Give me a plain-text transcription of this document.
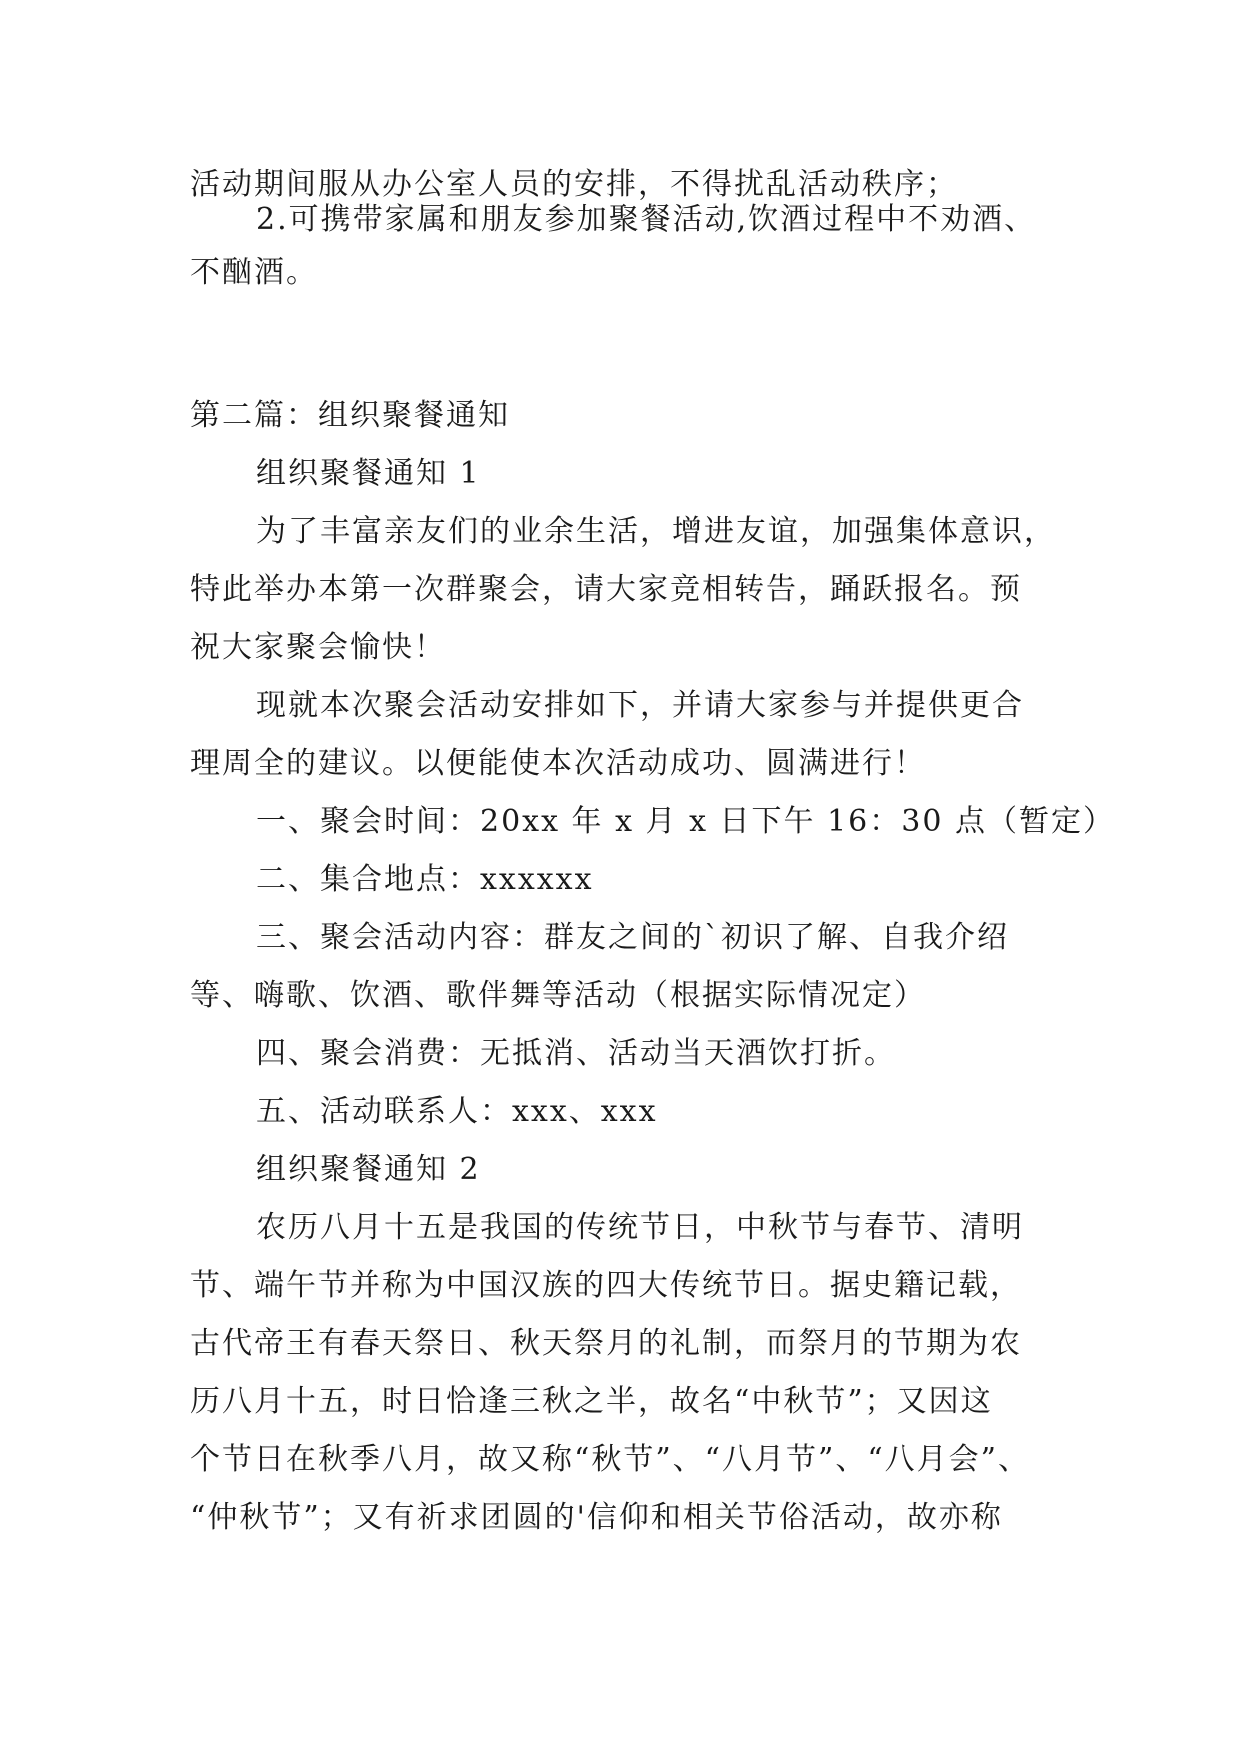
活动期间服从办公室人员的安排，不得扰乱活动秩序；
2.可携带家属和朋友参加聚餐活动,饮酒过程中不劝酒、
不酗酒。
第二篇：组织聚餐通知
组织聚餐通知 1
为了丰富亲友们的业余生活，增进友谊，加强集体意识，
特此举办本第一次群聚会，请大家竞相转告，踊跃报名。预
祝大家聚会愉快！
现就本次聚会活动安排如下，并请大家参与并提供更合
理周全的建议。以便能使本次活动成功、圆满进行！
一、聚会时间：20xx 年 x 月 x 日下午 16：30 点（暂定）
二、集合地点：xxxxxx
三、聚会活动内容：群友之间的`初识了解、自我介绍
等、嗨歌、饮酒、歌伴舞等活动（根据实际情况定）
四、聚会消费：无抵消、活动当天酒饮打折。
五、活动联系人：xxx、xxx
组织聚餐通知 2
农历八月十五是我国的传统节日，中秋节与春节、清明
节、端午节并称为中国汉族的四大传统节日。据史籍记载，
古代帝王有春天祭日、秋天祭月的礼制，而祭月的节期为农
历八月十五，时日恰逢三秋之半，故名“中秋节”；又因这
个节日在秋季八月，故又称“秋节”、“八月节”、“八月会”、
“仲秋节”；又有祈求团圆的'信仰和相关节俗活动，故亦称
